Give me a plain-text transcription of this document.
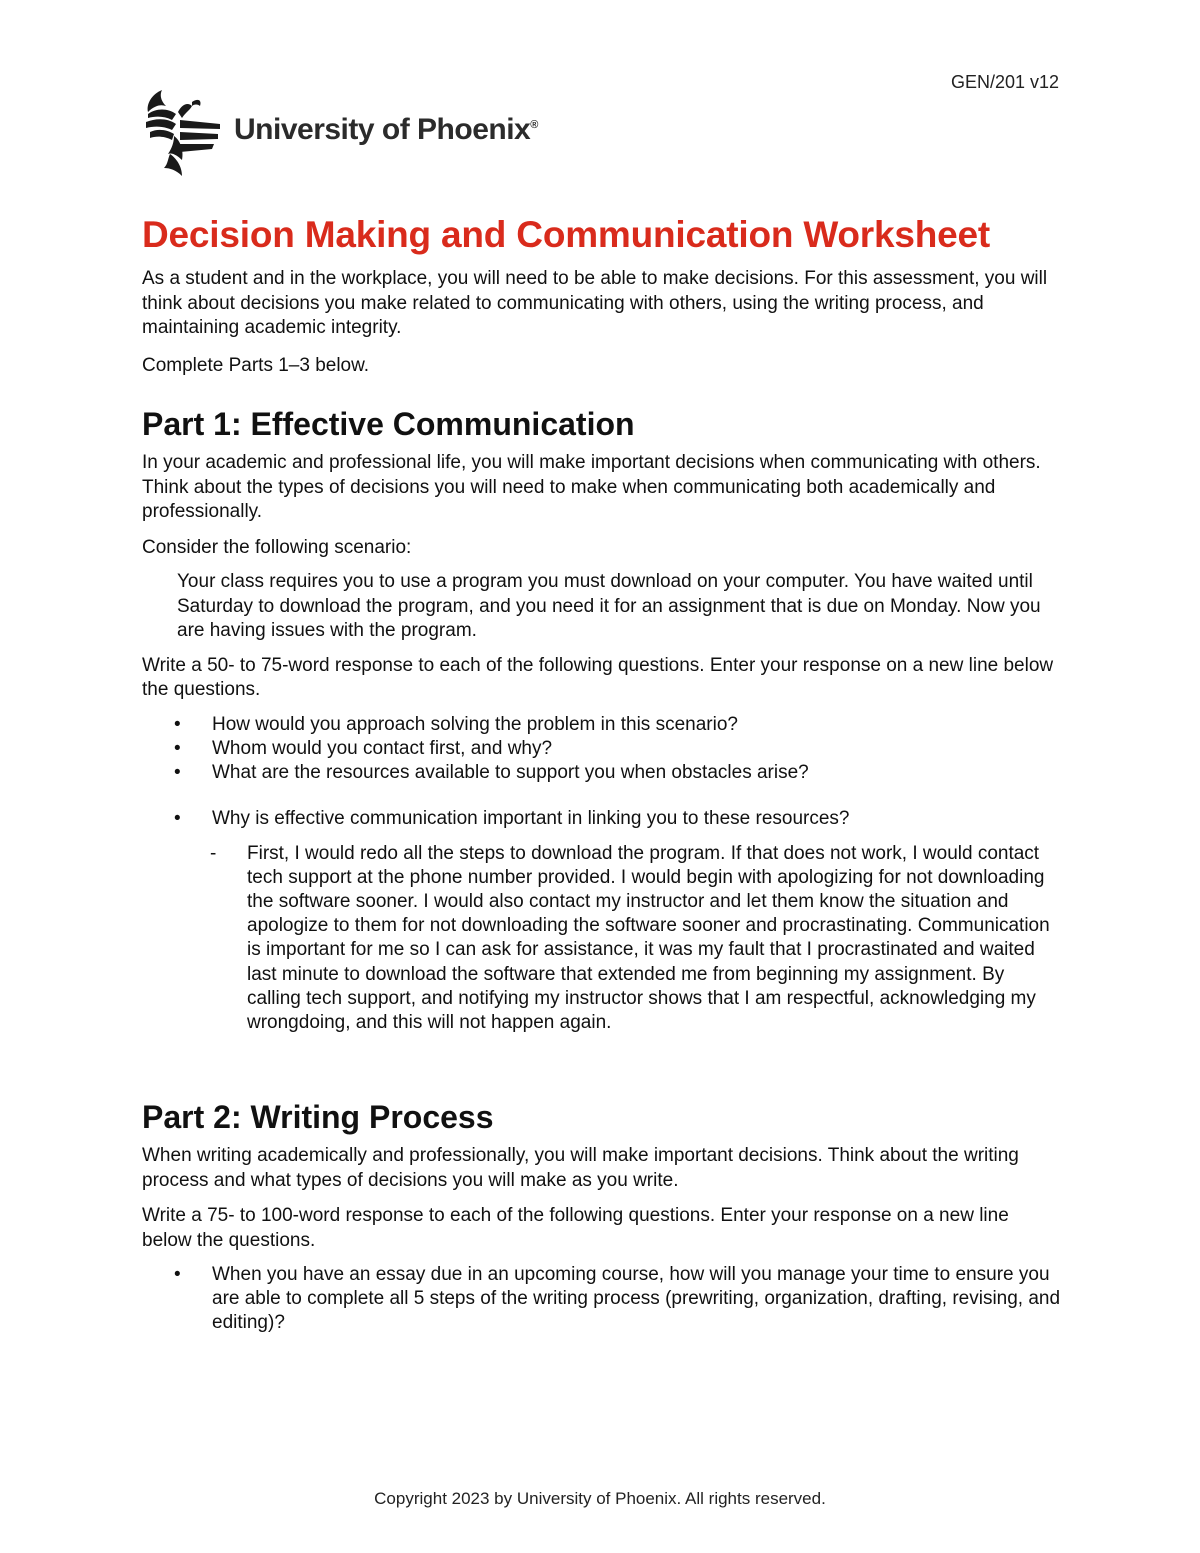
GEN/201 v12
University of Phoenix®
Decision Making and Communication Worksheet

As a student and in the workplace, you will need to be able to make decisions. For this assessment, you will think about decisions you make related to communicating with others, using the writing process, and maintaining academic integrity.

Complete Parts 1–3 below.

Part 1: Effective Communication

In your academic and professional life, you will make important decisions when communicating with others. Think about the types of decisions you will need to make when communicating both academically and professionally.

Consider the following scenario:

Your class requires you to use a program you must download on your computer. You have waited until Saturday to download the program, and you need it for an assignment that is due on Monday. Now you are having issues with the program.

Write a 50- to 75-word response to each of the following questions. Enter your response on a new line below the questions.

• How would you approach solving the problem in this scenario?
• Whom would you contact first, and why?
• What are the resources available to support you when obstacles arise?
• Why is effective communication important in linking you to these resources?
- First, I would redo all the steps to download the program. If that does not work, I would contact tech support at the phone number provided. I would begin with apologizing for not downloading the software sooner. I would also contact my instructor and let them know the situation and apologize to them for not downloading the software sooner and procrastinating. Communication is important for me so I can ask for assistance, it was my fault that I procrastinated and waited last minute to download the software that extended me from beginning my assignment. By calling tech support, and notifying my instructor shows that I am respectful, acknowledging my wrongdoing, and this will not happen again.
Part 2: Writing Process

When writing academically and professionally, you will make important decisions. Think about the writing process and what types of decisions you will make as you write.

Write a 75- to 100-word response to each of the following questions. Enter your response on a new line below the questions.

• When you have an essay due in an upcoming course, how will you manage your time to ensure you are able to complete all 5 steps of the writing process (prewriting, organization, drafting, revising, and editing)?
Copyright 2023 by University of Phoenix. All rights reserved.
